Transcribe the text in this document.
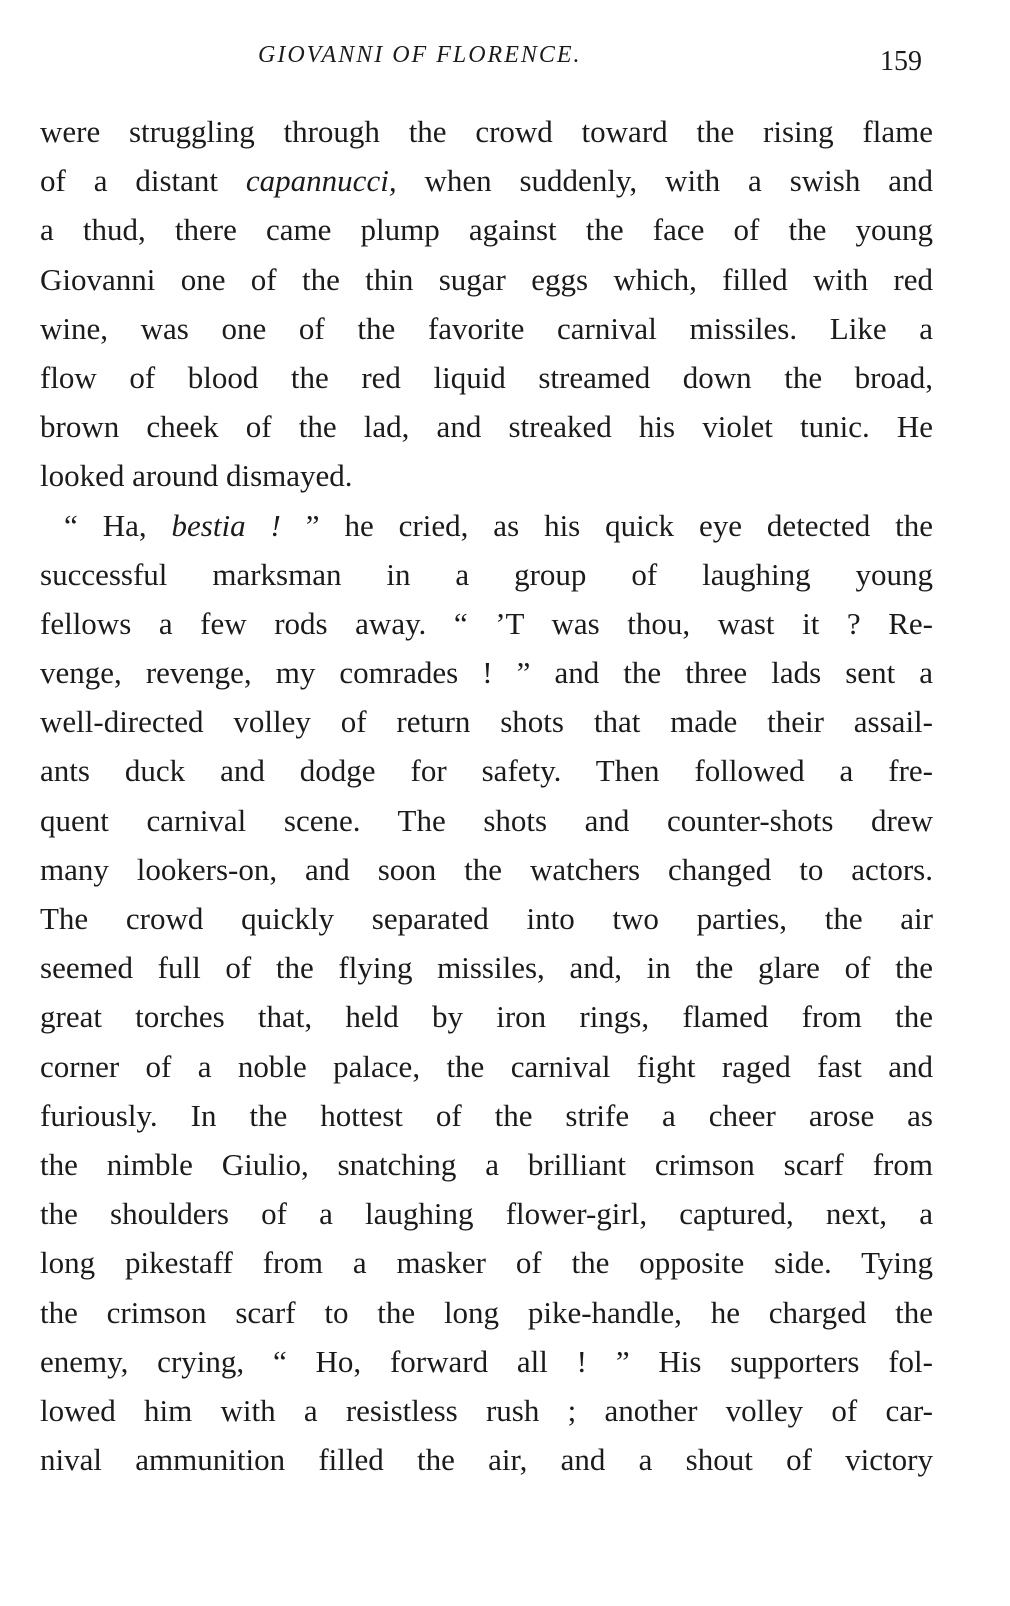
GIOVANNI OF FLORENCE.	159
were struggling through the crowd toward the rising flame
of a distant capannucci, when suddenly, with a swish and
a thud, there came plump against the face of the young
Giovanni one of the thin sugar eggs which, filled with red
wine, was one of the favorite carnival missiles. Like a
flow of blood the red liquid streamed down the broad,
brown cheek of the lad, and streaked his violet tunic. He
looked around dismayed.
“ Ha, bestia ! ” he cried, as his quick eye detected the
successful marksman in a group of laughing young
fellows a few rods away. “ ’T was thou, wast it ? Re-
venge, revenge, my comrades ! ” and the three lads sent a
well-directed volley of return shots that made their assail-
ants duck and dodge for safety. Then followed a fre-
quent carnival scene. The shots and counter-shots drew
many lookers-on, and soon the watchers changed to actors.
The crowd quickly separated into two parties, the air
seemed full of the flying missiles, and, in the glare of the
great torches that, held by iron rings, flamed from the
corner of a noble palace, the carnival fight raged fast and
furiously. In the hottest of the strife a cheer arose as
the nimble Giulio, snatching a brilliant crimson scarf from
the shoulders of a laughing flower-girl, captured, next, a
long pikestaff from a masker of the opposite side. Tying
the crimson scarf to the long pike-handle, he charged the
enemy, crying, “ Ho, forward all ! ” His supporters fol-
lowed him with a resistless rush ; another volley of car-
nival ammunition filled the air, and a shout of victory
